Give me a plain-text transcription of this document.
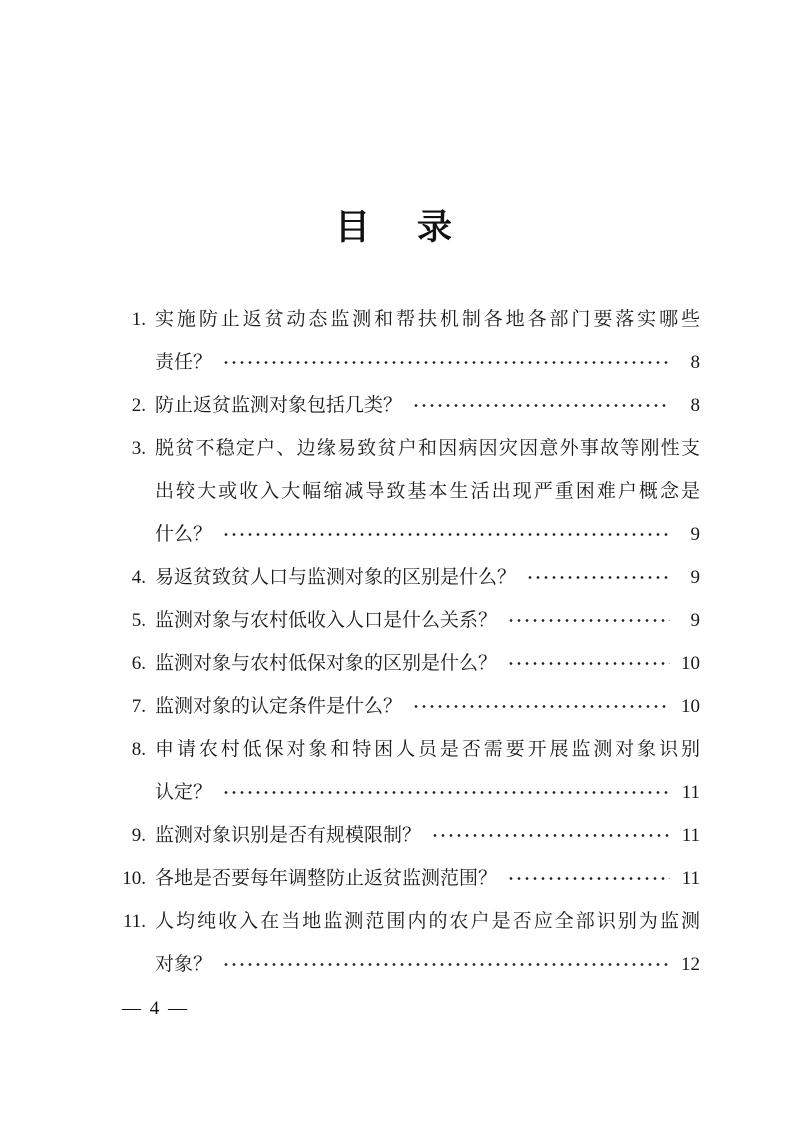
目　录
1. 实施防止返贫动态监测和帮扶机制各地各部门要落实哪些
责任？	8
2. 防止返贫监测对象包括几类？	8
3. 脱贫不稳定户、边缘易致贫户和因病因灾因意外事故等刚性支
出较大或收入大幅缩减导致基本生活出现严重困难户概念是
什么？	9
4. 易返贫致贫人口与监测对象的区别是什么？	9
5. 监测对象与农村低收入人口是什么关系？	9
6. 监测对象与农村低保对象的区别是什么？	10
7. 监测对象的认定条件是什么？	10
8. 申请农村低保对象和特困人员是否需要开展监测对象识别
认定？	11
9. 监测对象识别是否有规模限制？	11
10. 各地是否要每年调整防止返贫监测范围？	11
11. 人均纯收入在当地监测范围内的农户是否应全部识别为监测
对象？	12
— 4 —
